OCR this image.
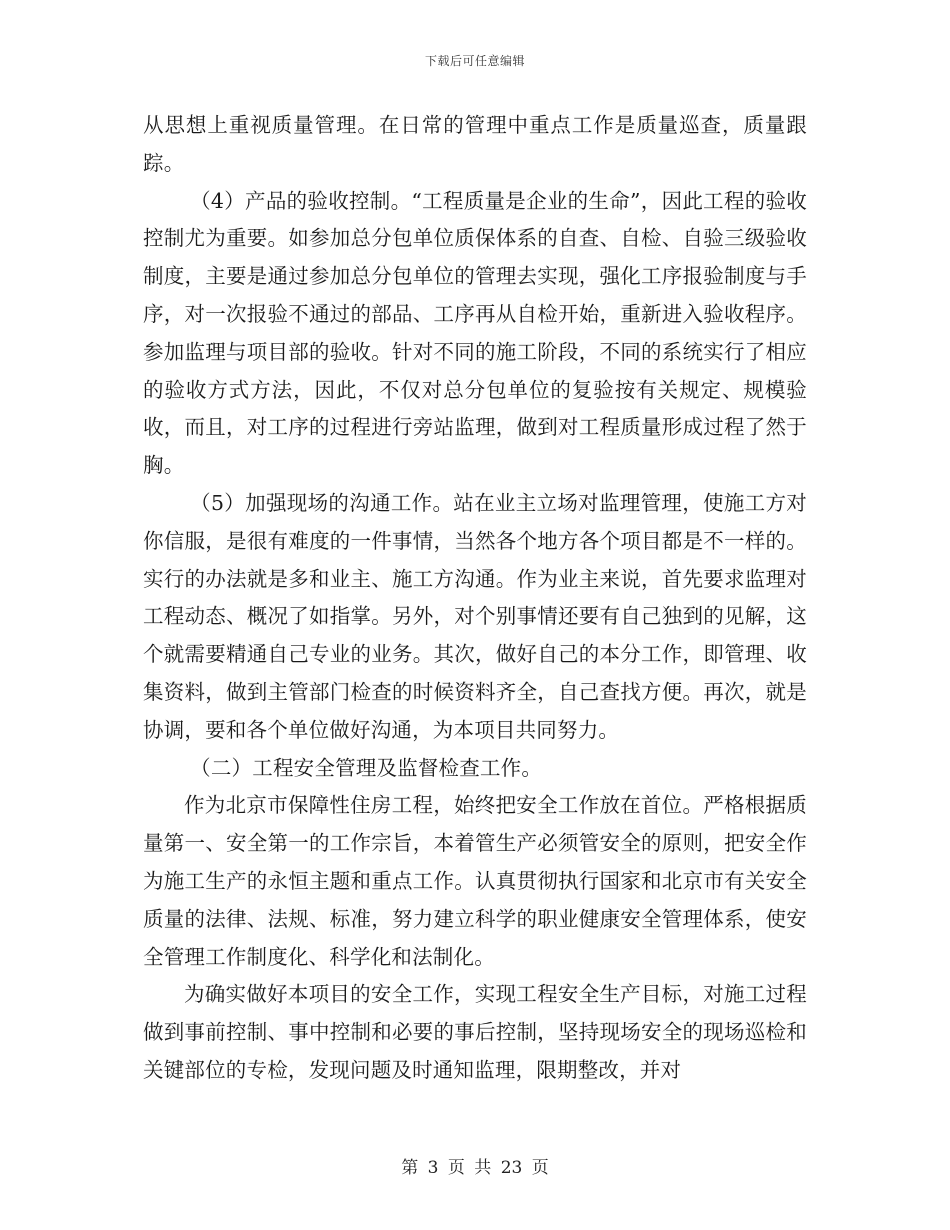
下载后可任意编辑

从思想上重视质量管理。在日常的管理中重点工作是质量巡查，质量跟踪。

（4）产品的验收控制。“工程质量是企业的生命”，因此工程的验收控制尤为重要。如参加总分包单位质保体系的自查、自检、自验三级验收制度，主要是通过参加总分包单位的管理去实现，强化工序报验制度与手序，对一次报验不通过的部品、工序再从自检开始，重新进入验收程序。参加监理与项目部的验收。针对不同的施工阶段，不同的系统实行了相应的验收方式方法，因此，不仅对总分包单位的复验按有关规定、规模验收，而且，对工序的过程进行旁站监理，做到对工程质量形成过程了然于胸。

（5）加强现场的沟通工作。站在业主立场对监理管理，使施工方对你信服，是很有难度的一件事情，当然各个地方各个项目都是不一样的。实行的办法就是多和业主、施工方沟通。作为业主来说，首先要求监理对工程动态、概况了如指掌。另外，对个别事情还要有自己独到的见解，这个就需要精通自己专业的业务。其次，做好自己的本分工作，即管理、收集资料，做到主管部门检查的时候资料齐全，自己查找方便。再次，就是协调，要和各个单位做好沟通，为本项目共同努力。

（二）工程安全管理及监督检查工作。

作为北京市保障性住房工程，始终把安全工作放在首位。严格根据质量第一、安全第一的工作宗旨，本着管生产必须管安全的原则，把安全作为施工生产的永恒主题和重点工作。认真贯彻执行国家和北京市有关安全质量的法律、法规、标准，努力建立科学的职业健康安全管理体系，使安全管理工作制度化、科学化和法制化。

为确实做好本项目的安全工作，实现工程安全生产目标，对施工过程做到事前控制、事中控制和必要的事后控制，坚持现场安全的现场巡检和关键部位的专检，发现问题及时通知监理，限期整改，并对

第 3 页 共 23 页
